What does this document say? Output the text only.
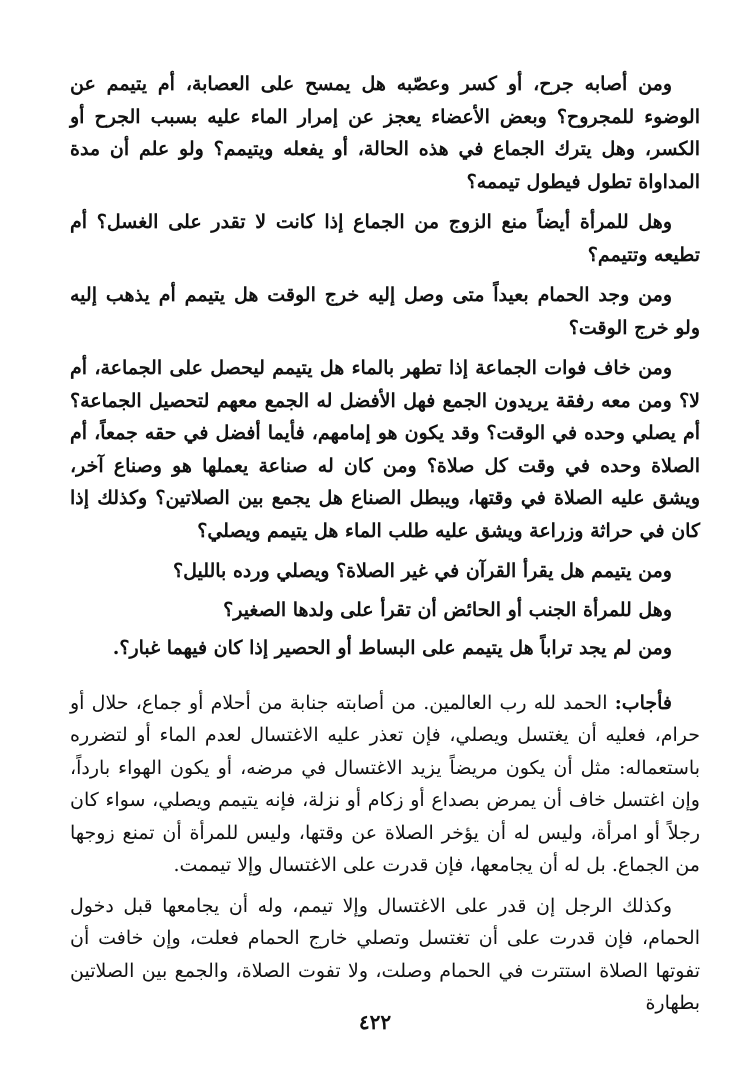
ومن أصابه جرح، أو كسر وعصّبه هل يمسح على العصابة، أم يتيمم عن الوضوء للمجروح؟ وبعض الأعضاء يعجز عن إمرار الماء عليه بسبب الجرح أو الكسر، وهل يترك الجماع في هذه الحالة، أو يفعله ويتيمم؟ ولو علم أن مدة المداواة تطول فيطول تيممه؟

وهل للمرأة أيضاً منع الزوج من الجماع إذا كانت لا تقدر على الغسل؟ أم تطيعه وتتيمم؟

ومن وجد الحمام بعيداً متى وصل إليه خرج الوقت هل يتيمم أم يذهب إليه ولو خرج الوقت؟

ومن خاف فوات الجماعة إذا تطهر بالماء هل يتيمم ليحصل على الجماعة، أم لا؟ ومن معه رفقة يريدون الجمع فهل الأفضل له الجمع معهم لتحصيل الجماعة؟ أم يصلي وحده في الوقت؟ وقد يكون هو إمامهم، فأيما أفضل في حقه جمعاً، أم الصلاة وحده في وقت كل صلاة؟ ومن كان له صناعة يعملها هو وصناع آخر، ويشق عليه الصلاة في وقتها، ويبطل الصناع هل يجمع بين الصلاتين؟ وكذلك إذا كان في حراثة وزراعة ويشق عليه طلب الماء هل يتيمم ويصلي؟

ومن يتيمم هل يقرأ القرآن في غير الصلاة؟ ويصلي ورده بالليل؟

وهل للمرأة الجنب أو الحائض أن تقرأ على ولدها الصغير؟

ومن لم يجد تراباً هل يتيمم على البساط أو الحصير إذا كان فيهما غبار؟.

فأجاب: الحمد لله رب العالمين. من أصابته جنابة من أحلام أو جماع، حلال أو حرام، فعليه أن يغتسل ويصلي، فإن تعذر عليه الاغتسال لعدم الماء أو لتضرره باستعماله: مثل أن يكون مريضاً يزيد الاغتسال في مرضه، أو يكون الهواء بارداً، وإن اغتسل خاف أن يمرض بصداع أو زكام أو نزلة، فإنه يتيمم ويصلي، سواء كان رجلاً أو امرأة، وليس له أن يؤخر الصلاة عن وقتها، وليس للمرأة أن تمنع زوجها من الجماع. بل له أن يجامعها، فإن قدرت على الاغتسال وإلا تيممت.

وكذلك الرجل إن قدر على الاغتسال وإلا تيمم، وله أن يجامعها قبل دخول الحمام، فإن قدرت على أن تغتسل وتصلي خارج الحمام فعلت، وإن خافت أن تفوتها الصلاة استترت في الحمام وصلت، ولا تفوت الصلاة، والجمع بين الصلاتين بطهارة

٤٢٢
